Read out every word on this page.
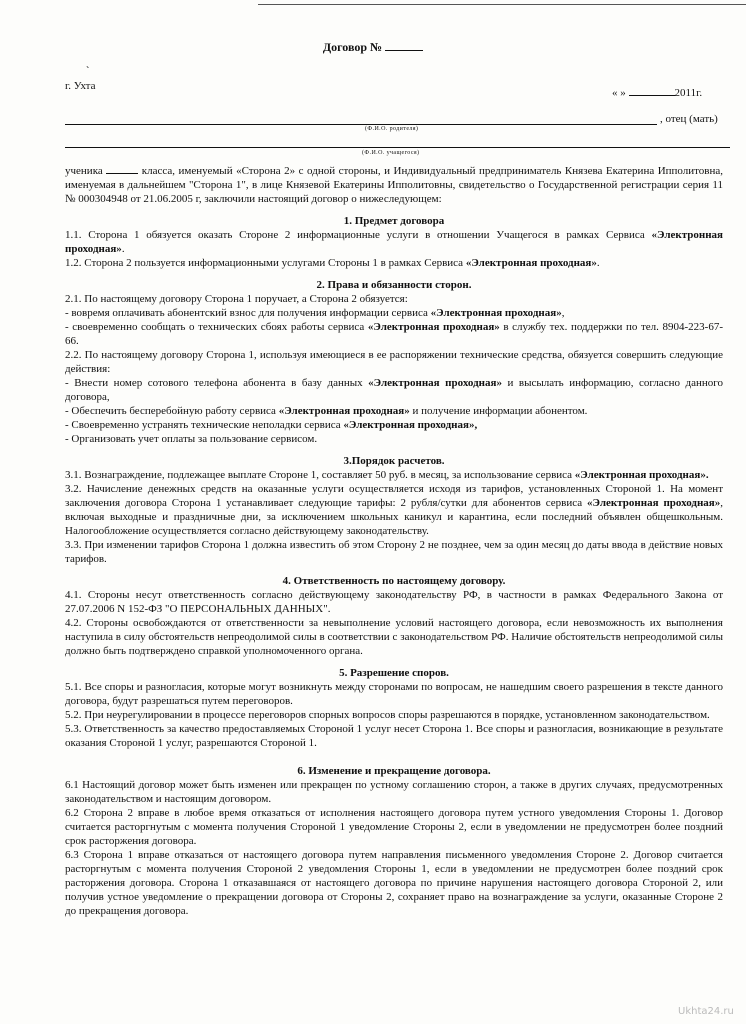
Договор №
ˋ
г. Ухта
« »	2011г.
, отец (мать)
(Ф.И.О. родителя)
(Ф.И.О. учащегося)

ученика	класса, именуемый «Сторона 2» с одной стороны, и Индивидуальный предприниматель Князева Екатерина Ипполитовна, именуемая в дальнейшем "Сторона 1", в лице Князевой Екатерины Ипполитовны, свидетельство о Государственной регистрации серия 11 № 000304948 от 21.06.2005 г, заключили настоящий договор о нижеследующем:

1. Предмет договора

1.1. Сторона 1 обязуется оказать Стороне 2 информационные услуги в отношении Учащегося в рамках Сервиса «Электронная проходная».

1.2. Сторона 2 пользуется информационными услугами Стороны 1 в рамках Сервиса «Электронная проходная».

2. Права и обязанности сторон.

2.1. По настоящему договору Сторона 1 поручает, а Сторона 2 обязуется:

- вовремя оплачивать абонентский взнос для получения информации сервиса «Электронная проходная»,

- своевременно сообщать о технических сбоях работы сервиса «Электронная проходная» в службу тех. поддержки по тел. 8904-223-67-66.

2.2. По настоящему договору Сторона 1, используя имеющиеся в ее распоряжении технические средства, обязуется совершить следующие действия:

- Внести номер сотового телефона абонента в базу данных «Электронная проходная» и высылать информацию, согласно данного договора,

- Обеспечить бесперебойную работу сервиса «Электронная проходная» и получение информации абонентом.

- Своевременно устранять технические неполадки сервиса «Электронная проходная»,

- Организовать учет оплаты за пользование сервисом.

3.Порядок расчетов.

3.1. Вознаграждение, подлежащее выплате Стороне 1, составляет 50 руб. в месяц, за использование сервиса «Электронная проходная».

3.2. Начисление денежных средств на оказанные услуги осуществляется исходя из тарифов, установленных Стороной 1. На момент заключения договора Сторона 1 устанавливает следующие тарифы: 2 рубля/сутки для абонентов сервиса «Электронная проходная», включая выходные и праздничные дни, за исключением школьных каникул и карантина, если последний объявлен общешкольным. Налогообложение осуществляется согласно действующему законодательству.

3.3. При изменении тарифов Сторона 1 должна известить об этом Сторону 2 не позднее, чем за один месяц до даты ввода в действие новых тарифов.

4. Ответственность по настоящему договору.

4.1. Стороны несут ответственность согласно действующему законодательству РФ, в частности в рамках Федерального Закона от 27.07.2006 N 152-ФЗ "О ПЕРСОНАЛЬНЫХ ДАННЫХ".

4.2. Стороны освобождаются от ответственности за невыполнение условий настоящего договора, если невозможность их выполнения наступила в силу обстоятельств непреодолимой силы в соответствии с законодательством РФ. Наличие обстоятельств непреодолимой силы должно быть подтверждено справкой уполномоченного органа.

5. Разрешение споров.

5.1. Все споры и разногласия, которые могут возникнуть между сторонами по вопросам, не нашедшим своего разрешения в тексте данного договора, будут разрешаться путем переговоров.

5.2. При неурегулировании в процессе переговоров спорных вопросов споры разрешаются в порядке, установленном законодательством.

5.3. Ответственность за качество предоставляемых Стороной 1 услуг несет Сторона 1. Все споры и разногласия, возникающие в результате оказания Стороной 1 услуг, разрешаются Стороной 1.

6. Изменение и прекращение договора.

6.1 Настоящий договор может быть изменен или прекращен по устному соглашению сторон, а также в других случаях, предусмотренных законодательством и настоящим договором.

6.2 Сторона 2 вправе в любое время отказаться от исполнения настоящего договора путем устного уведомления Стороны 1. Договор считается расторгнутым с момента получения Стороной 1 уведомление Стороны 2, если в уведомлении не предусмотрен более поздний срок расторжения договора.

6.3 Сторона 1 вправе отказаться от настоящего договора путем направления письменного уведомления Стороне 2. Договор считается расторгнутым с момента получения Стороной 2 уведомления Стороны 1, если в уведомлении не предусмотрен более поздний срок расторжения договора. Сторона 1 отказавшаяся от настоящего договора по причине нарушения настоящего договора Стороной 2, или получив устное уведомление о прекращении договора от Стороны 2, сохраняет право на вознаграждение за услуги, оказанные Стороне 2 до прекращения договора.

Ukhta24.ru
